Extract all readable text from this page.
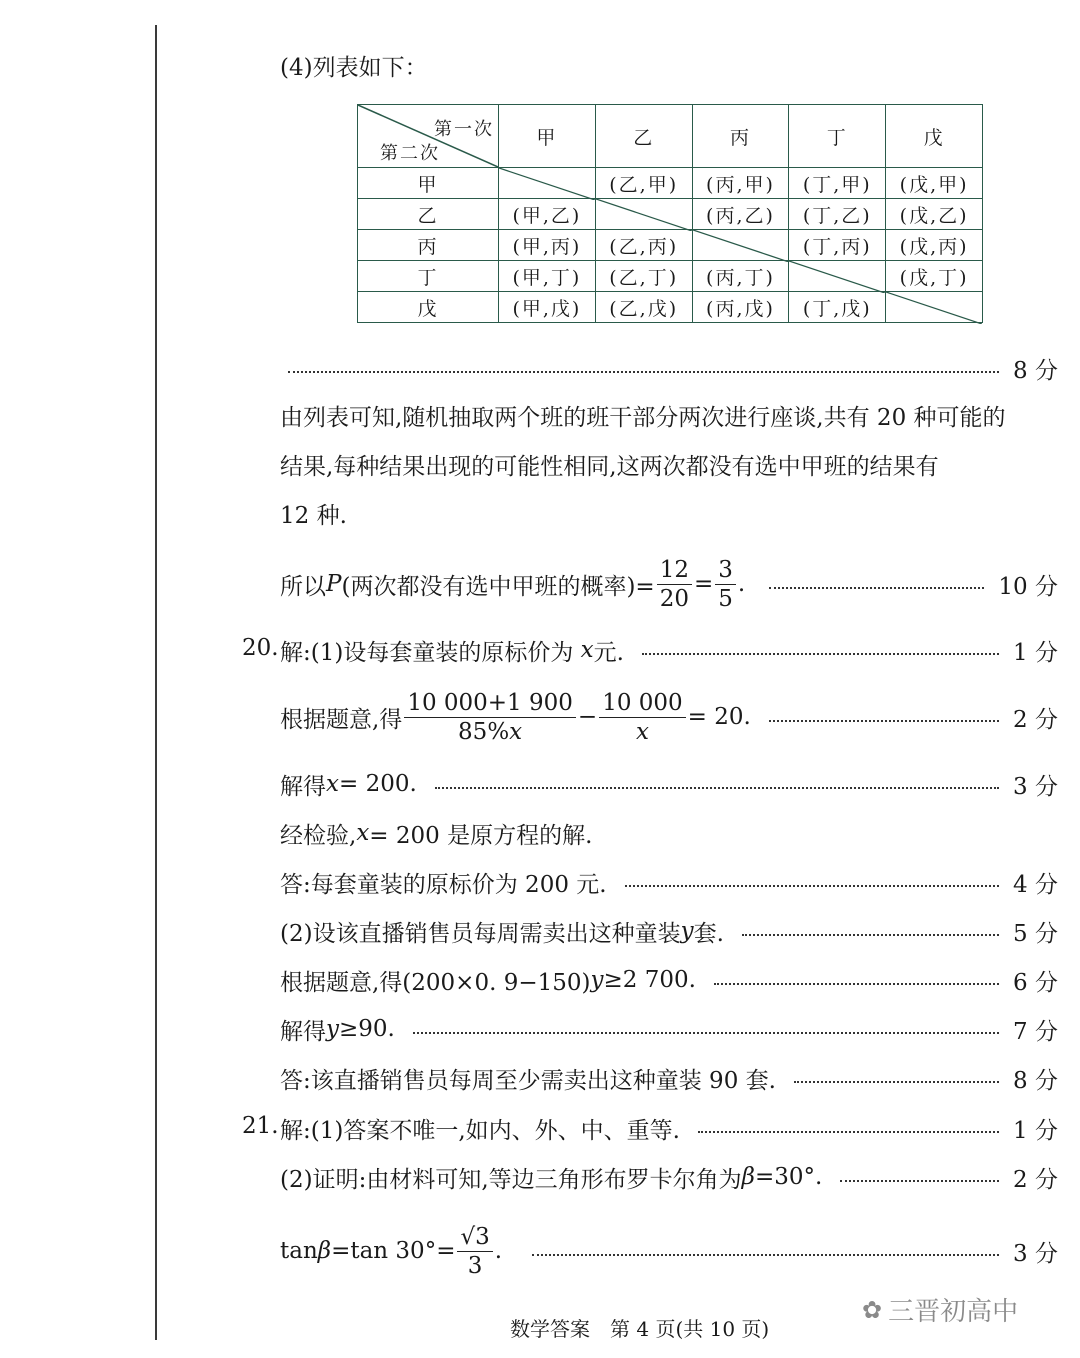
(4)列表如下：
第一次
第二次	甲	乙	丙	丁	戊
甲		(乙,甲)	(丙,甲)	(丁,甲)	(戊,甲)
乙	(甲,乙)		(丙,乙)	(丁,乙)	(戊,乙)
丙	(甲,丙)	(乙,丙)		(丁,丙)	(戊,丙)
丁	(甲,丁)	(乙,丁)	(丙,丁)		(戊,丁)
戊	(甲,戊)	(乙,戊)	(丙,戊)	(丁,戊)	
8 分
由列表可知,随机抽取两个班的班干部分两次进行座谈,共有 20 种可能的
结果,每种结果出现的可能性相同,这两次都没有选中甲班的结果有
12 种.
所以 P (两次都没有选中甲班的概率)= $\frac{12}{20} = \frac{3}{5}$ .	10 分
20. 解:(1)设每套童装的原标价为
x 元.	1 分
根据题意,得 $\frac{10 000+1 900}{85\%x} - \frac{10 000}{x} = 20$.	2 分
解得 x = 200.	3 分
经检验, x = 200 是原方程的解.
答:每套童装的原标价为 200 元.	4 分
(2)设该直播销售员每周需卖出这种童装 y 套.	5 分
根据题意,得(200×0. 9−150) y ≥2 700.	6 分
解得 y ≥90.	7 分
答:该直播销售员每周至少需卖出这种童装 90 套.	8 分
21. 解:(1)答案不唯一,如内、外、中、重等.	1 分
(2)证明:由材料可知,等边三角形布罗卡尔角为 β =30°.	2 分
tan β =tan $30^\circ= \frac{√3}{3}$ .	3 分
数学答案　第 4 页(共 10 页)
✿ 三晋初高中
